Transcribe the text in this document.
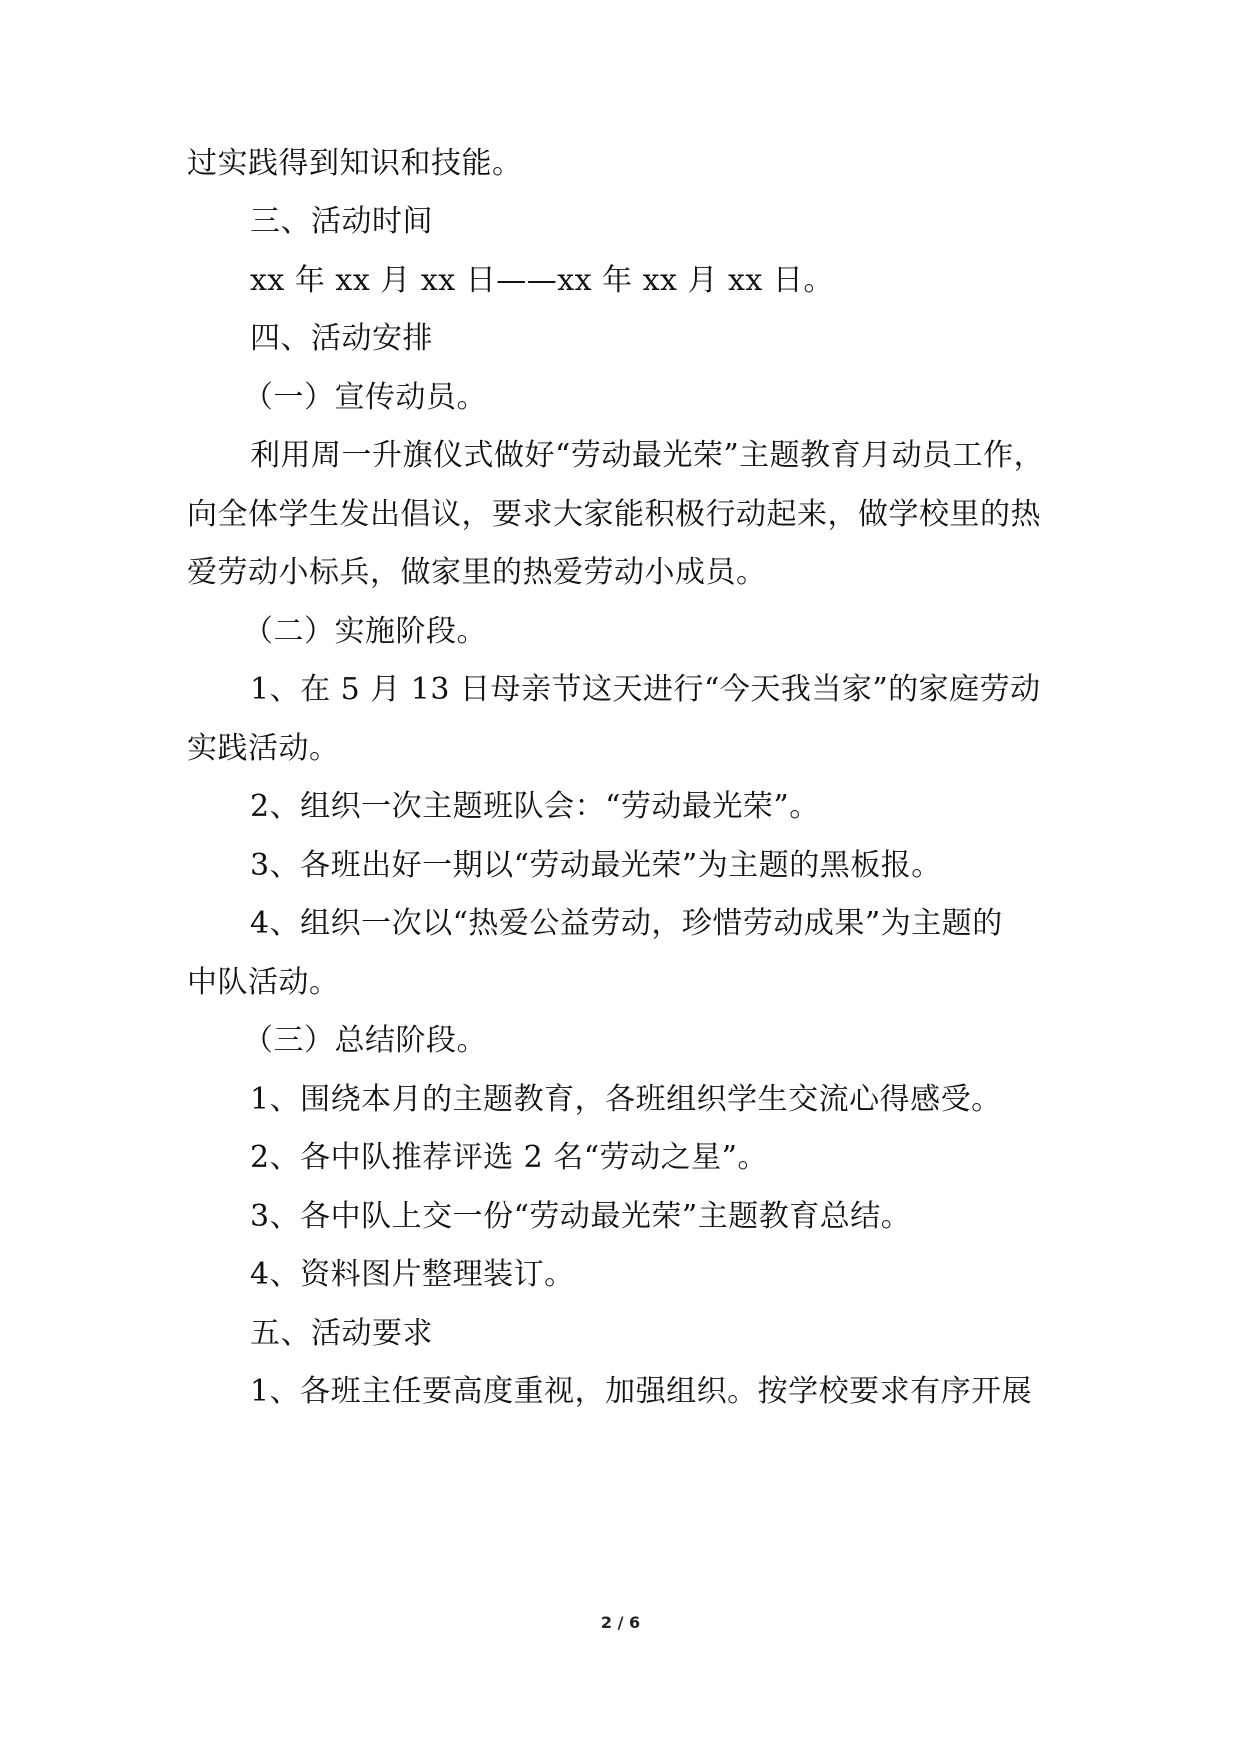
过实践得到知识和技能。

三、活动时间

xx 年 xx 月 xx 日——xx 年 xx 月 xx 日。

四、活动安排

（一）宣传动员。

利用周一升旗仪式做好“劳动最光荣”主题教育月动员工作，

向全体学生发出倡议，要求大家能积极行动起来，做学校里的热

爱劳动小标兵，做家里的热爱劳动小成员。

（二）实施阶段。

1、在 5 月 13 日母亲节这天进行“今天我当家”的家庭劳动

实践活动。

2、组织一次主题班队会：“劳动最光荣”。

3、各班出好一期以“劳动最光荣”为主题的黑板报。

4、组织一次以“热爱公益劳动，珍惜劳动成果”为主题的

中队活动。

（三）总结阶段。

1、围绕本月的主题教育，各班组织学生交流心得感受。

2、各中队推荐评选 2 名“劳动之星”。

3、各中队上交一份“劳动最光荣”主题教育总结。

4、资料图片整理装订。

五、活动要求

1、各班主任要高度重视，加强组织。按学校要求有序开展

2 / 6
